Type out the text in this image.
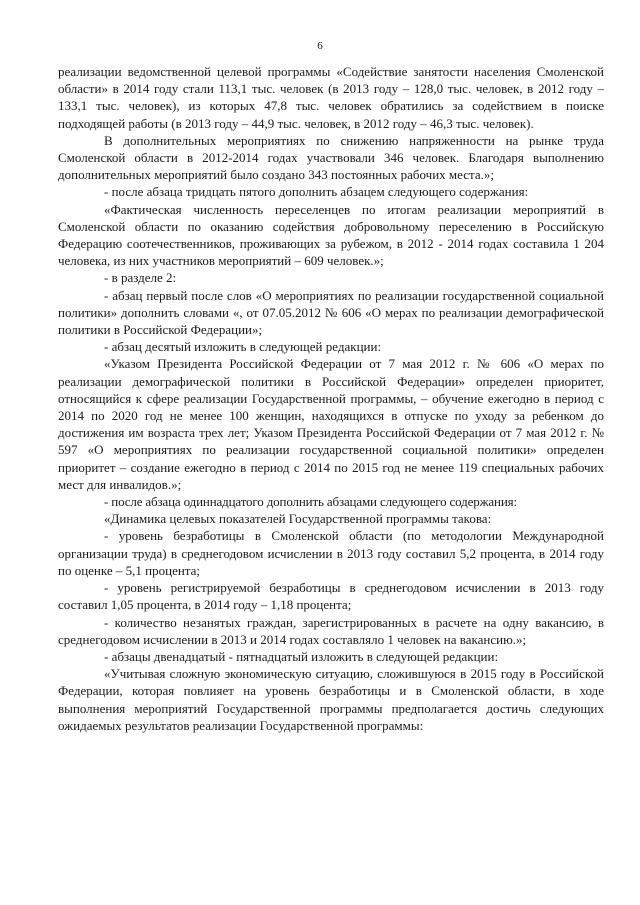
6

реализации ведомственной целевой программы «Содействие занятости населения Смоленской области» в 2014 году стали 113,1 тыс. человек (в 2013 году – 128,0 тыс. человек, в 2012 году – 133,1 тыс. человек), из которых 47,8 тыс. человек обратились за содействием в поиске подходящей работы (в 2013 году – 44,9 тыс. человек, в 2012 году – 46,3 тыс. человек).

В дополнительных мероприятиях по снижению напряженности на рынке труда Смоленской области в 2012-2014 годах участвовали 346 человек. Благодаря выполнению дополнительных мероприятий было создано 343 постоянных рабочих места.»;

- после абзаца тридцать пятого дополнить абзацем следующего содержания:

«Фактическая численность переселенцев по итогам реализации мероприятий в Смоленской области по оказанию содействия добровольному переселению в Российскую Федерацию соотечественников, проживающих за рубежом, в 2012 - 2014 годах составила 1 204 человека, из них участников мероприятий – 609 человек.»;

- в разделе 2:

- абзац первый после слов «О мероприятиях по реализации государственной социальной политики» дополнить словами «, от 07.05.2012 № 606 «О мерах по реализации демографической политики в Российской Федерации»;

- абзац десятый изложить в следующей редакции:

«Указом Президента Российской Федерации от 7 мая 2012 г. № 606 «О мерах по реализации демографической политики в Российской Федерации» определен приоритет, относящийся к сфере реализации Государственной программы, – обучение ежегодно в период с 2014 по 2020 год не менее 100 женщин, находящихся в отпуске по уходу за ребенком до достижения им возраста трех лет; Указом Президента Российской Федерации от 7 мая 2012 г. № 597 «О мероприятиях по реализации государственной социальной политики» определен приоритет – создание ежегодно в период с 2014 по 2015 год не менее 119 специальных рабочих мест для инвалидов.»;

- после абзаца одиннадцатого дополнить абзацами следующего содержания:

«Динамика целевых показателей Государственной программы такова:

- уровень безработицы в Смоленской области (по методологии Международной организации труда) в среднегодовом исчислении в 2013 году составил 5,2 процента, в 2014 году по оценке – 5,1 процента;

- уровень регистрируемой безработицы в среднегодовом исчислении в 2013 году составил 1,05 процента, в 2014 году – 1,18 процента;

- количество незанятых граждан, зарегистрированных в расчете на одну вакансию, в среднегодовом исчислении в 2013 и 2014 годах составляло 1 человек на вакансию.»;

- абзацы двенадцатый - пятнадцатый изложить в следующей редакции:

«Учитывая сложную экономическую ситуацию, сложившуюся в 2015 году в Российской Федерации, которая повлияет на уровень безработицы и в Смоленской области, в ходе выполнения мероприятий Государственной программы предполагается достичь следующих ожидаемых результатов реализации Государственной программы:
